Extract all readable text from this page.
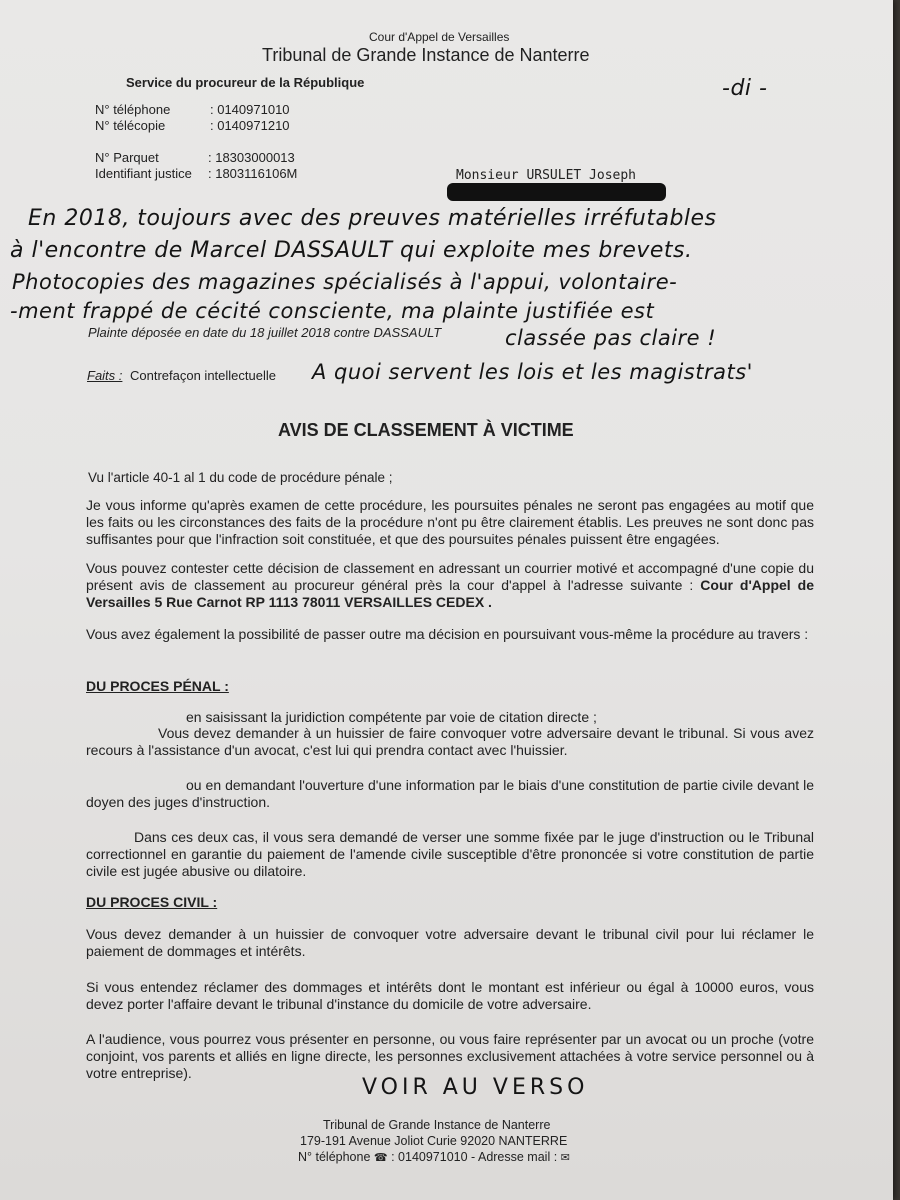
Cour d'Appel de Versailles
Tribunal de Grande Instance de Nanterre
Service du procureur de la République	-di -
N° téléphone	: 0140971010
N° télécopie	: 0140971210
N° Parquet	: 18303000013
Identifiant justice : 1803116106M	Monsieur URSULET Joseph
En 2018, toujours avec des preuves matérielles irréfutables
à l'encontre de Marcel DASSAULT qui exploite mes brevets.
Photocopies des magazines spécialisés à l'appui, volontaire-
-ment frappé de cécité consciente, ma plainte justifiée est
Plainte déposée en date du 18 juillet 2018 contre DASSAULT	classée pas claire !
Faits : Contrefaçon intellectuelle A quoi servent les lois et les magistrats'
AVIS DE CLASSEMENT À VICTIME
Vu l'article 40-1 al 1 du code de procédure pénale ;
Je vous informe qu'après examen de cette procédure, les poursuites pénales ne seront pas engagées au motif que les faits ou les circonstances des faits de la procédure n'ont pu être clairement établis. Les preuves ne sont donc pas suffisantes pour que l'infraction soit constituée, et que des poursuites pénales puissent être engagées.
Vous pouvez contester cette décision de classement en adressant un courrier motivé et accompagné d'une copie du présent avis de classement au procureur général près la cour d'appel à l'adresse suivante : Cour d'Appel de Versailles 5 Rue Carnot RP 1113 78011 VERSAILLES CEDEX .
Vous avez également la possibilité de passer outre ma décision en poursuivant vous-même la procédure au travers :
DU PROCES PÉNAL :
en saisissant la juridiction compétente par voie de citation directe ;
Vous devez demander à un huissier de faire convoquer votre adversaire devant le tribunal. Si vous avez recours à l'assistance d'un avocat, c'est lui qui prendra contact avec l'huissier.
ou en demandant l'ouverture d'une information par le biais d'une constitution de partie civile devant le doyen des juges d'instruction.
Dans ces deux cas, il vous sera demandé de verser une somme fixée par le juge d'instruction ou le Tribunal correctionnel en garantie du paiement de l'amende civile susceptible d'être prononcée si votre constitution de partie civile est jugée abusive ou dilatoire.
DU PROCES CIVIL :
Vous devez demander à un huissier de convoquer votre adversaire devant le tribunal civil pour lui réclamer le paiement de dommages et intérêts.
Si vous entendez réclamer des dommages et intérêts dont le montant est inférieur ou égal à 10000 euros, vous devez porter l'affaire devant le tribunal d'instance du domicile de votre adversaire.
A l'audience, vous pourrez vous présenter en personne, ou vous faire représenter par un avocat ou un proche (votre conjoint, vos parents et alliés en ligne directe, les personnes exclusivement attachées à votre service personnel ou à votre entreprise).
VOIR AU VERSO
Tribunal de Grande Instance de Nanterre
179-191 Avenue Joliot Curie 92020 NANTERRE
N° téléphone ☎ : 0140971010 - Adresse mail : ✉
